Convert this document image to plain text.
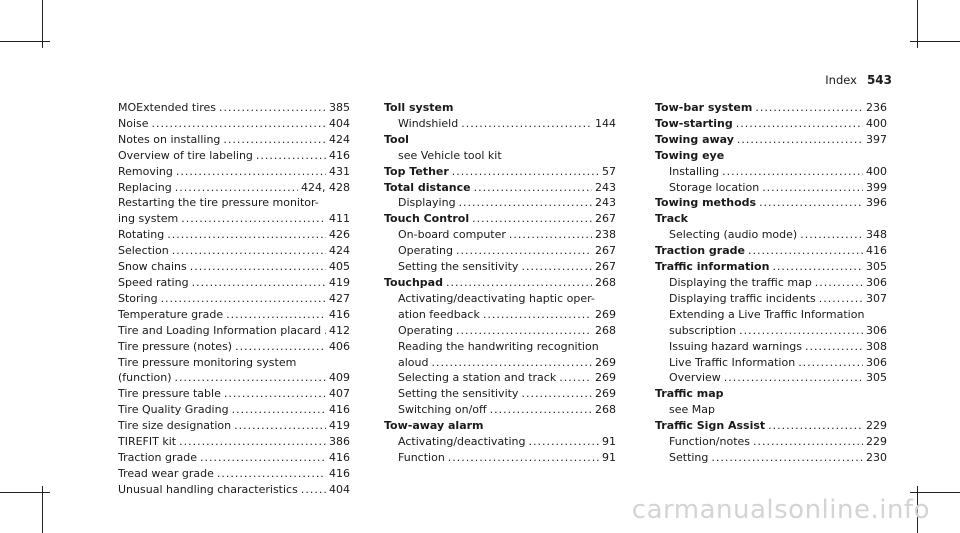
Index 543
MOExtended tires .....	385
Noise .....	404
Notes on installing .....	424
Overview of tire labeling .....	416
Removing .....	431
Replacing .....	424, 428
Restarting the tire pressure monitor-
ing system .....	411
Rotating .....	426
Selection .....	424
Snow chains .....	405
Speed rating .....	419
Storing .....	427
Temperature grade .....	416
Tire and Loading Information placard ..... 412
Tire pressure (notes) .....	406
Tire pressure monitoring system
(function) .....	409
Tire pressure table .....	407
Tire Quality Grading .....	416
Tire size designation .....	419
TIREFIT kit .....	386
Traction grade .....	416
Tread wear grade .....	416
Unusual handling characteristics .....	404
Toll system
Windshield .....	144
Tool
see Vehicle tool kit
Top Tether .....	57
Total distance .....	243
Displaying .....	243
Touch Control .....	267
On-board computer .....	238
Operating .....	267
Setting the sensitivity .....	267
Touchpad .....	268
Activating/deactivating haptic oper-
ation feedback .....	269
Operating .....	268
Reading the handwriting recognition
aloud .....	269
Selecting a station and track .....	269
Setting the sensitivity .....	269
Switching on/off .....	268
Tow-away alarm
Activating/deactivating .....	91
Function .....	91
Tow-bar system .....	236
Tow-starting .....	400
Towing away .....	397
Towing eye
Installing .....	400
Storage location .....	399
Towing methods .....	396
Track
Selecting (audio mode) .....	348
Traction grade .....	416
Traffic information .....	305
Displaying the traffic map .....	306
Displaying traffic incidents .....	307
Extending a Live Traffic Information
subscription .....	306
Issuing hazard warnings .....	308
Live Traffic Information .....	306
Overview .....	305
Traffic map
see Map
Traffic Sign Assist .....	229
Function/notes .....	229
Setting .....	230
carmanualsonline.info
